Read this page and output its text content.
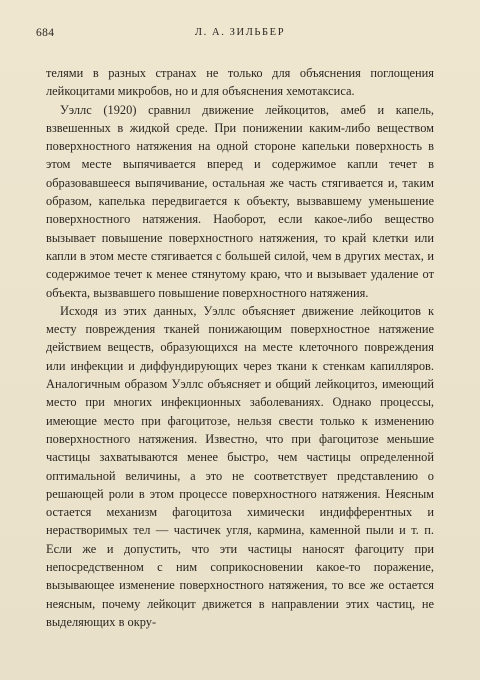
684	Л. А. ЗИЛЬБЕР

телями в разных странах не только для объяснения поглощения лейкоцитами микробов, но и для объяснения хемотаксиса.

Уэллс (1920) сравнил движение лейкоцитов, амеб и капель, взвешенных в жидкой среде. При понижении каким-либо веществом поверхностного натяжения на одной стороне капельки поверхность в этом месте выпячивается вперед и содержимое капли течет в образовавшееся выпячивание, остальная же часть стягивается и, таким образом, капелька передвигается к объекту, вызвавшему уменьшение поверхностного натяжения. Наоборот, если какое-либо вещество вызывает повышение поверхностного натяжения, то край клетки или капли в этом месте стягивается с большей силой, чем в других местах, и содержимое течет к менее стянутому краю, что и вызывает удаление от объекта, вызвавшего повышение поверхностного натяжения.

Исходя из этих данных, Уэллс объясняет движение лейкоцитов к месту повреждения тканей понижающим поверхностное натяжение действием веществ, образующихся на месте клеточного повреждения или инфекции и диффундирующих через ткани к стенкам капилляров. Аналогичным образом Уэллс объясняет и общий лейкоцитоз, имеющий место при многих инфекционных заболеваниях. Однако процессы, имеющие место при фагоцитозе, нельзя свести только к изменению поверхностного натяжения. Известно, что при фагоцитозе меньшие частицы захватываются менее быстро, чем частицы определенной оптимальной величины, а это не соответствует представлению о решающей роли в этом процессе поверхностного натяжения. Неясным остается механизм фагоцитоза химически индифферентных и нерастворимых тел — частичек угля, кармина, каменной пыли и т. п. Если же и допустить, что эти частицы наносят фагоциту при непосредственном с ним соприкосновении какое-то поражение, вызывающее изменение поверхностного натяжения, то все же остается неясным, почему лейкоцит движется в направлении этих частиц, не выделяющих в окру-
